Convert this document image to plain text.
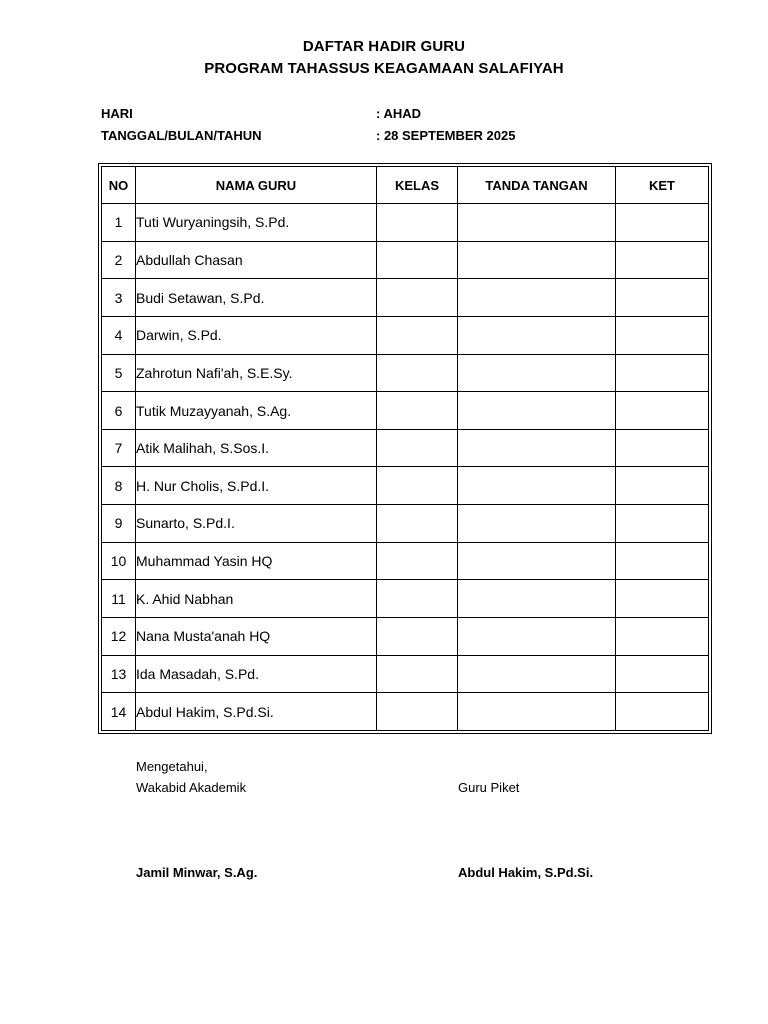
DAFTAR HADIR GURU
PROGRAM TAHASSUS KEAGAMAAN SALAFIYAH
HARI	: AHAD
TANGGAL/BULAN/TAHUN	: 28 SEPTEMBER 2025
NO	NAMA GURU	KELAS	TANDA TANGAN	KET
1	Tuti Wuryaningsih, S.Pd.			
2	Abdullah Chasan			
3	Budi Setawan, S.Pd.			
4	Darwin, S.Pd.			
5	Zahrotun Nafi'ah, S.E.Sy.			
6	Tutik Muzayyanah, S.Ag.			
7	Atik Malihah, S.Sos.I.			
8	H. Nur Cholis, S.Pd.I.			
9	Sunarto, S.Pd.I.			
10	Muhammad Yasin HQ			
11	K. Ahid Nabhan			
12	Nana Musta'anah HQ			
13	Ida Masadah, S.Pd.			
14	Abdul Hakim, S.Pd.Si.			
Mengetahui,
Wakabid Akademik	Guru Piket
Jamil Minwar, S.Ag.	Abdul Hakim, S.Pd.Si.
